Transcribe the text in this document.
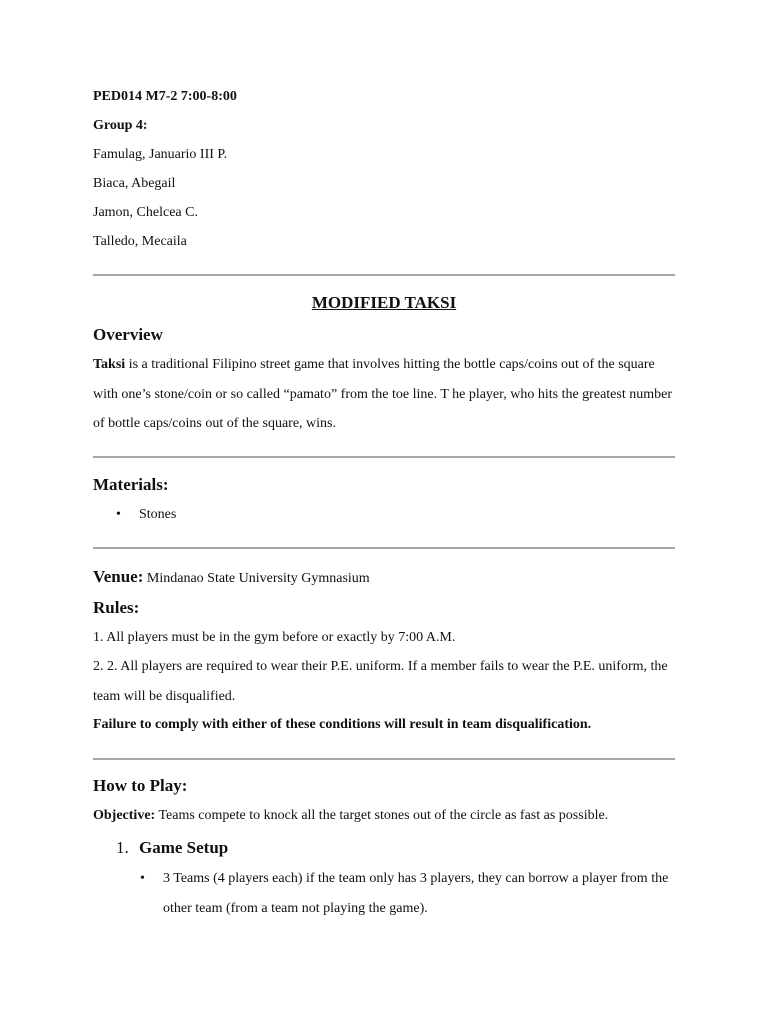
PED014 M7-2 7:00-8:00
Group 4:
Famulag, Januario III P.
Biaca, Abegail
Jamon, Chelcea C.
Talledo, Mecaila
MODIFIED TAKSI
Overview
Taksi is a traditional Filipino street game that involves hitting the bottle caps/coins out of the square with one’s stone/coin or so called “pamato” from the toe line. T he player, who hits the greatest number of bottle caps/coins out of the square, wins.
Materials:
• Stones
Venue: Mindanao State University Gymnasium
Rules:
1. All players must be in the gym before or exactly by 7:00 A.M.
2. 2. All players are required to wear their P.E. uniform. If a member fails to wear the P.E. uniform, the team will be disqualified.
Failure to comply with either of these conditions will result in team disqualification.
How to Play:
Objective: Teams compete to knock all the target stones out of the circle as fast as possible.
1. Game Setup
• 3 Teams (4 players each) if the team only has 3 players, they can borrow a player from the other team (from a team not playing the game).
